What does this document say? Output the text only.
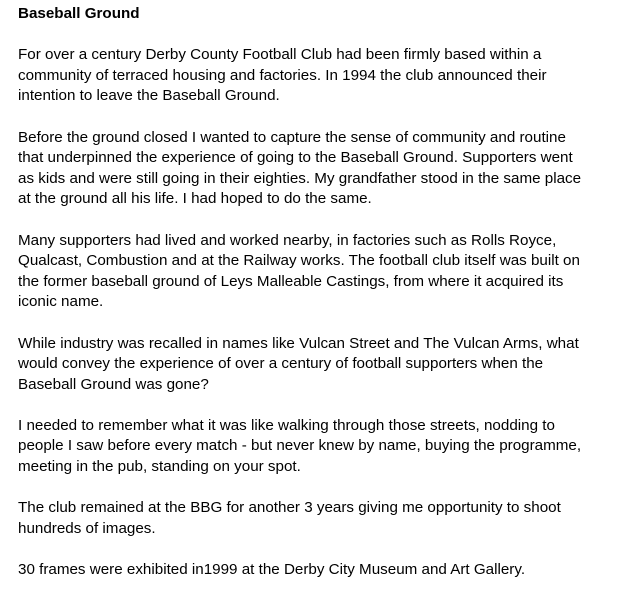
Baseball Ground
For over a century Derby County Football Club had been firmly based within a
community of terraced housing and factories. In 1994 the club announced their
intention to leave the Baseball Ground.
Before the ground closed I wanted to capture the sense of community and routine
that underpinned the experience of going to the Baseball Ground. Supporters went
as kids and were still going in their eighties. My grandfather stood in the same place
at the ground all his life. I had hoped to do the same.
Many supporters had lived and worked nearby, in factories such as Rolls Royce,
Qualcast, Combustion and at the Railway works. The football club itself was built on
the former baseball ground of Leys Malleable Castings, from where it acquired its
iconic name.
While industry was recalled in names like Vulcan Street and The Vulcan Arms, what
would convey the experience of over a century of football supporters when the
Baseball Ground was gone?
I needed to remember what it was like walking through those streets, nodding to
people I saw before every match - but never knew by name, buying the programme,
meeting in the pub, standing on your spot.
The club remained at the BBG for another 3 years giving me opportunity to shoot
hundreds of images.
30 frames were exhibited in1999 at the Derby City Museum and Art Gallery.
